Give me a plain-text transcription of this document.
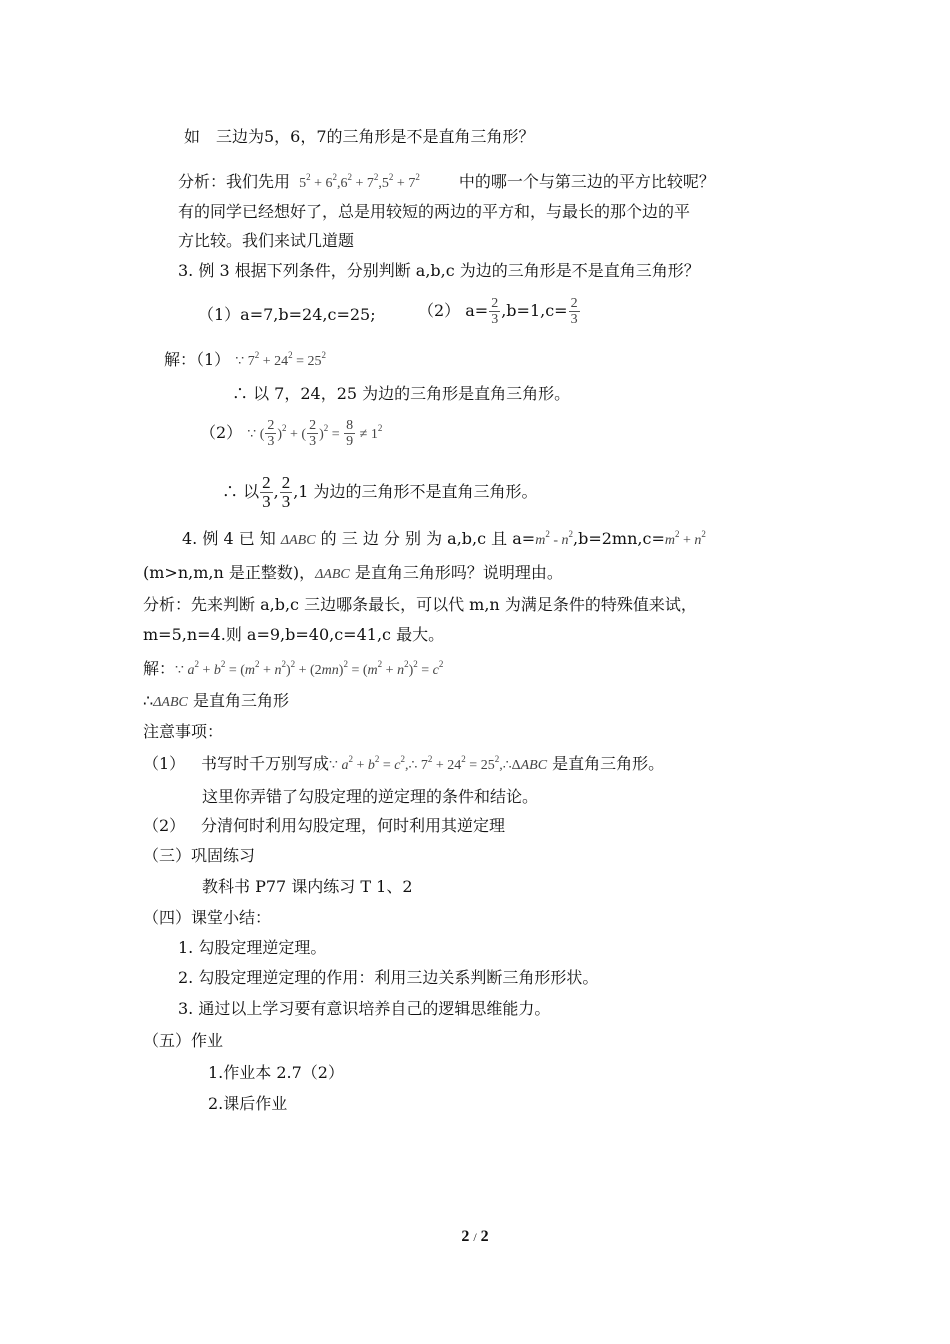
如　三边为5，6，7的三角形是不是直角三角形？
分析：我们先用 $5^2 + 6^2,6^2 + 7^2,5^2 + 7^2$ 中的哪一个与第三边的平方比较呢？
有的同学已经想好了，总是用较短的两边的平方和，与最长的那个边的平
方比较。我们来试几道题
3. 例 3 根据下列条件，分别判断 a,b,c 为边的三角形是不是直角三角形？
（1）a=7,b=24,c=25;	（2） $a= \frac{2}{3} ,b=1,c= \frac{2}{3}$
解：（1） ∵ $7^2 + 24^2 = 25^2$
∴ 以 7，24，25 为边的三角形是直角三角形。
（2） ∵ ( $\frac{2}{3} )^2$ + ( $\frac{2}{3} )^2 = \frac{8}{9} \ne 1^2$
∴ 以 $\frac{2}{3}$ , $\frac{2}{3} ,1$ 为边的三角形不是直角三角形。
4. 例 4 已 知 ΔABC 的 三 边 分 别 为 a,b,c 且 $a=m^2 - n^2,b=2mn,c=m^2 + n^2$
(m>n,m,n 是正整数)，ΔABC 是直角三角形吗？说明理由。
分析：先来判断 a,b,c 三边哪条最长，可以代 m,n 为满足条件的特殊值来试，
m=5,n=4.则 a=9,b=40,c=41,c 最大。
解：∵ $a^2 + b^2 = (m^2 + n^2)^2 + (2mn)^2 = (m^2 + n^2)^2 = c^2$
∴ΔABC 是直角三角形
注意事项：
（1） 书写时千万别写成∵ $a^2 + b^2$ = $c^2,\therefore$ $7^2 + 24^2$ = $25^2,\therefore\Delta ABC$ 是直角三角形。
这里你弄错了勾股定理的逆定理的条件和结论。
（2） 分清何时利用勾股定理，何时利用其逆定理
（三）巩固练习
教科书 P77 课内练习 T 1、2
（四）课堂小结：
1. 勾股定理逆定理。
2. 勾股定理逆定理的作用：利用三边关系判断三角形形状。
3. 通过以上学习要有意识培养自己的逻辑思维能力。
（五）作业
1.作业本 2.7（2）
2.课后作业
2 / 2
